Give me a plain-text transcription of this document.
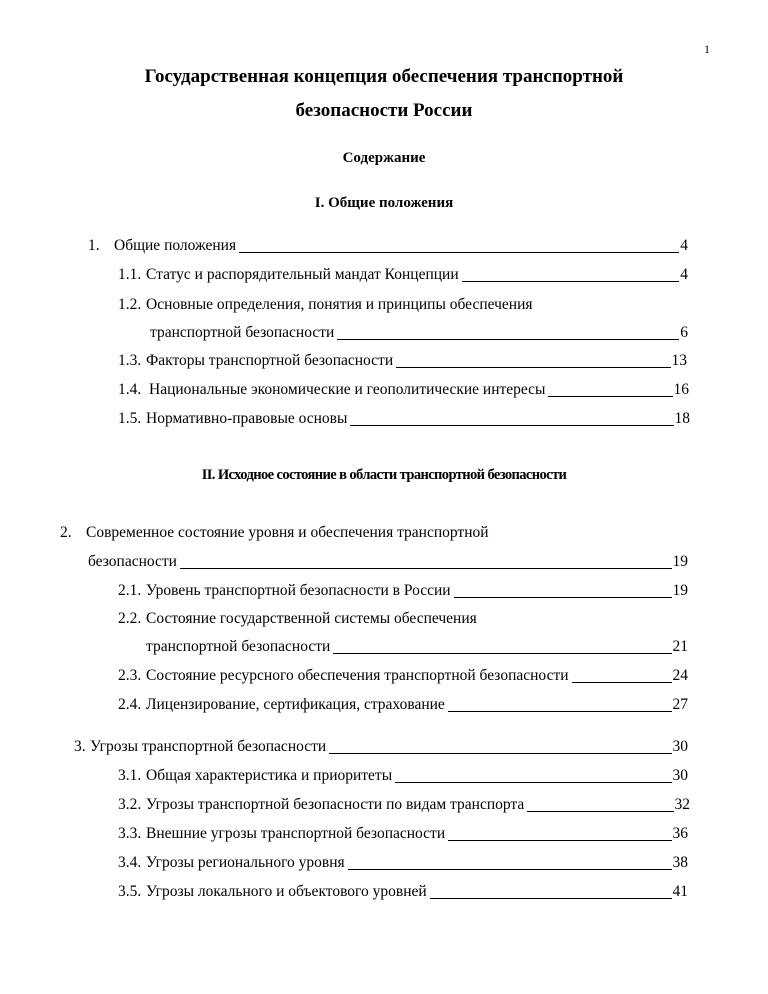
1
Государственная концепция обеспечения транспортной
безопасности России
Содержание
I. Общие положения
1. Общие положения	4
1.1. Статус и распорядительный мандат Концепции	4
1.2. Основные определения, понятия и принципы обеспечения
транспортной безопасности	6
1.3. Факторы транспортной безопасности	13
1.4. Национальные экономические и геополитические интересы	16
1.5. Нормативно-правовые основы	18
II. Исходное состояние в области транспортной безопасности
2. Современное состояние уровня и обеспечения транспортной
безопасности	19
2.1. Уровень транспортной безопасности в России	19
2.2. Состояние государственной системы обеспечения
транспортной безопасности	21
2.3. Состояние ресурсного обеспечения транспортной безопасности	24
2.4. Лицензирование, сертификация, страхование	27
3. Угрозы транспортной безопасности	30
3.1. Общая характеристика и приоритеты	30
3.2. Угрозы транспортной безопасности по видам транспорта	32
3.3. Внешние угрозы транспортной безопасности	36
3.4. Угрозы регионального уровня	38
3.5. Угрозы локального и объектового уровней	41
